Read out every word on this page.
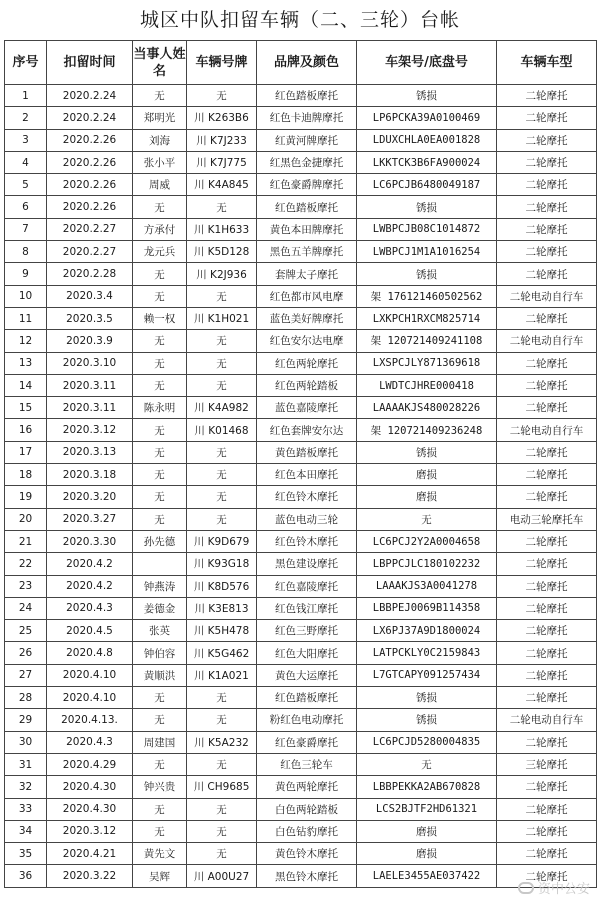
城区中队扣留车辆（二、三轮）台帐
序号	扣留时间	当事人姓名	车辆号牌	品牌及颜色	车架号/底盘号	车辆车型
1	2020.2.24	无	无	红色踏板摩托	锈损	二轮摩托
2	2020.2.24	郑明光	川 K263B6	红色卡迪牌摩托	LP6PCKA39A0100469	二轮摩托
3	2020.2.26	刘海	川 K7J233	红黄河牌摩托	LDUXCHLA0EA001828	二轮摩托
4	2020.2.26	张小平	川 K7J775	红黑色金捷摩托	LKKTCK3B6FA900024	二轮摩托
5	2020.2.26	周威	川 K4A845	红色豪爵牌摩托	LC6PCJB6480049187	二轮摩托
6	2020.2.26	无	无	红色踏板摩托	锈损	二轮摩托
7	2020.2.27	方承付	川 K1H633	黄色本田牌摩托	LWBPCJB08C1014872	二轮摩托
8	2020.2.27	龙元兵	川 K5D128	黑色五羊牌摩托	LWBPCJ1M1A1016254	二轮摩托
9	2020.2.28	无	川 K2J936	套牌太子摩托	锈损	二轮摩托
10	2020.3.4	无	无	红色都市风电摩	架 176121460502562	二轮电动自行车
11	2020.3.5	赖一权	川 K1H021	蓝色美好牌摩托	LXKPCH1RXCM825714	二轮摩托
12	2020.3.9	无	无	红色安尔达电摩	架 120721409241108	二轮电动自行车
13	2020.3.10	无	无	红色两轮摩托	LXSPCJLY871369618	二轮摩托
14	2020.3.11	无	无	红色两轮踏板	LWDTCJHRE000418	二轮摩托
15	2020.3.11	陈永明	川 K4A982	蓝色嘉陵摩托	LAAAAKJS480028226	二轮摩托
16	2020.3.12	无	川 K01468	红色套牌安尔达	架 120721409236248	二轮电动自行车
17	2020.3.13	无	无	黄色踏板摩托	锈损	二轮摩托
18	2020.3.18	无	无	红色本田摩托	磨损	二轮摩托
19	2020.3.20	无	无	红色铃木摩托	磨损	二轮摩托
20	2020.3.27	无	无	蓝色电动三轮	无	电动三轮摩托车
21	2020.3.30	孙先德	川 K9D679	红色铃木摩托	LC6PCJ2Y2A0004658	二轮摩托
22	2020.4.2		川 K93G18	黑色建设摩托	LBPPCJLC180102232	二轮摩托
23	2020.4.2	钟燕涛	川 K8D576	红色嘉陵摩托	LAAAKJS3A0041278	二轮摩托
24	2020.4.3	姜德金	川 K3E813	红色钱江摩托	LBBPEJ0069B114358	二轮摩托
25	2020.4.5	张英	川 K5H478	红色三野摩托	LX6PJ37A9D1800024	二轮摩托
26	2020.4.8	钟伯容	川 K5G462	红色大阳摩托	LATPCKLY0C2159843	二轮摩托
27	2020.4.10	黄顺洪	川 K1A021	黄色大运摩托	L7GTCAPY091257434	二轮摩托
28	2020.4.10	无	无	红色踏板摩托	锈损	二轮摩托
29	2020.4.13.	无	无	粉红色电动摩托	锈损	二轮电动自行车
30	2020.4.3	周建国	川 K5A232	红色豪爵摩托	LC6PCJD5280004835	二轮摩托
31	2020.4.29	无	无	红色三轮车	无	三轮摩托
32	2020.4.30	钟兴贵	川 CH9685	黄色两轮摩托	LBBPEKKA2AB670828	二轮摩托
33	2020.4.30	无	无	白色两轮踏板	LCS2BJTF2HD61321	二轮摩托
34	2020.3.12	无	无	白色钻豹摩托	磨损	二轮摩托
35	2020.4.21	黄先文	无	黄色铃木摩托	磨损	二轮摩托
36	2020.3.22	吴辉	川 A00U27	黑色铃木摩托	LAELE3455AE037422	二轮摩托
资中公安
